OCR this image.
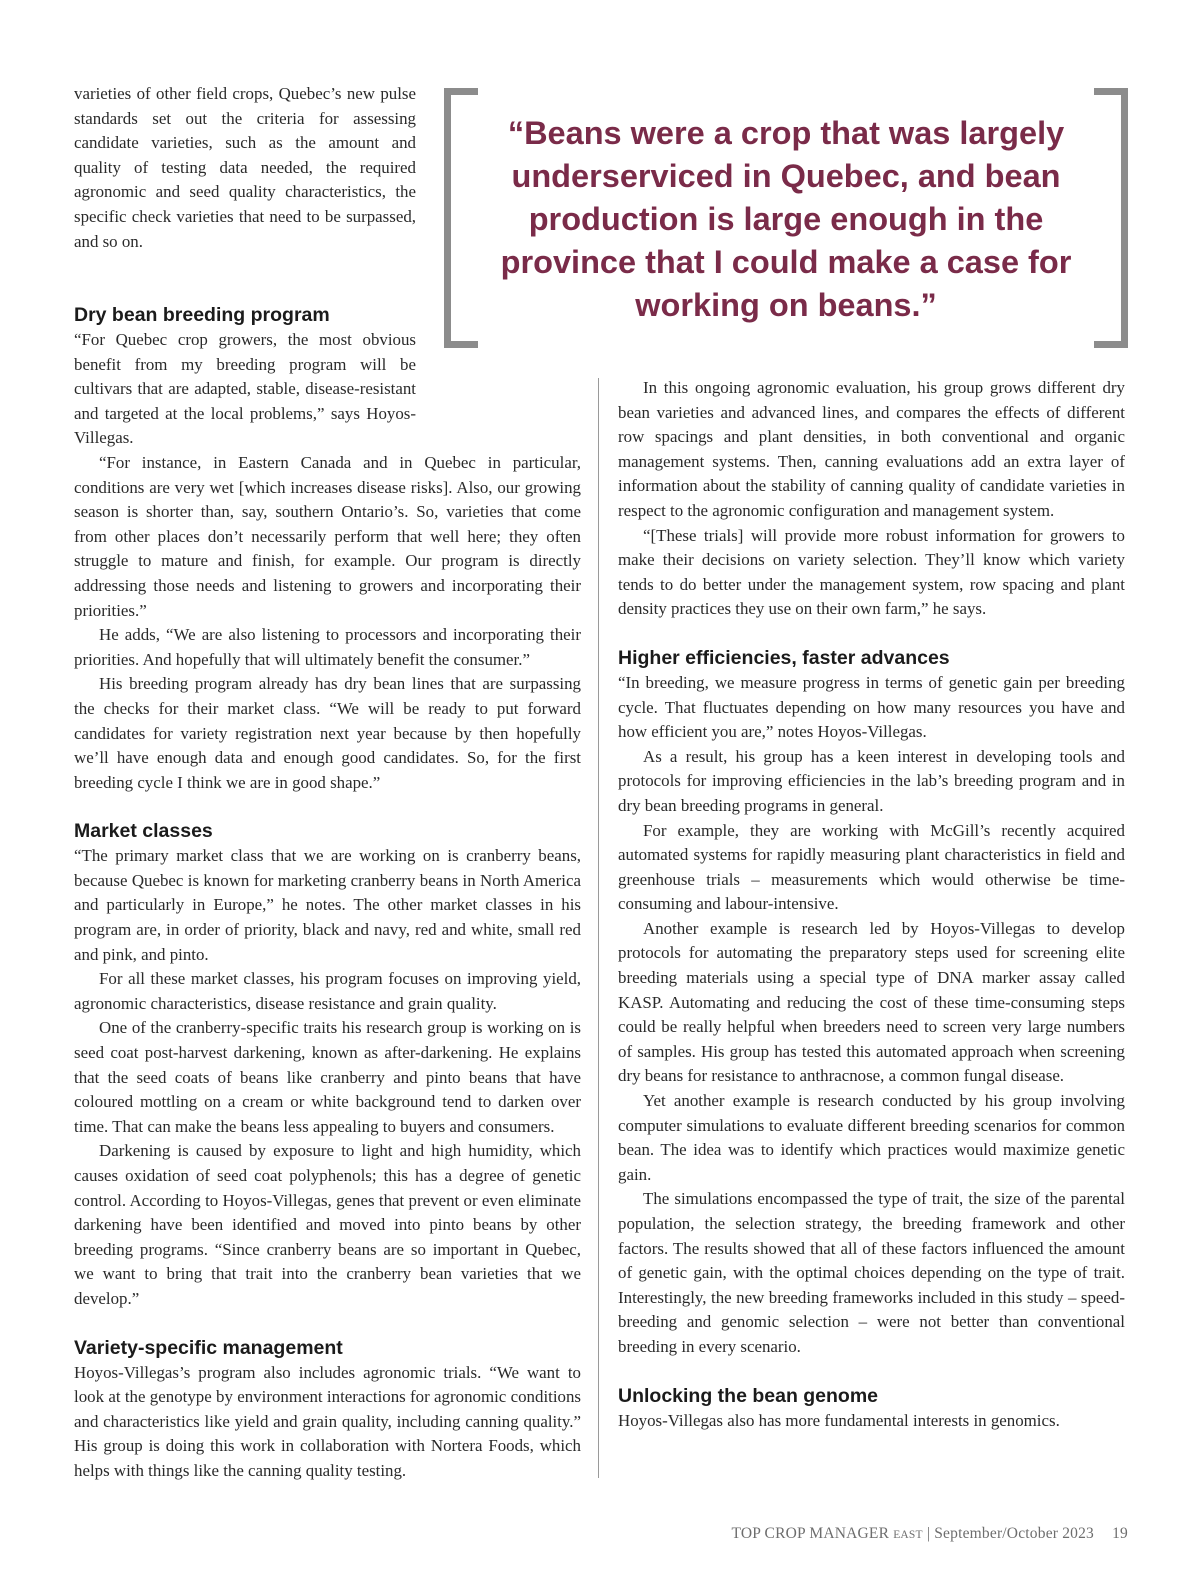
varieties of other field crops, Quebec’s new pulse standards set out the criteria for assessing candidate varieties, such as the amount and quality of testing data needed, the required agronomic and seed quality characteristics, the specific check varieties that need to be surpassed, and so on.

Dry bean breeding program

“For Quebec crop growers, the most obvious benefit from my breeding program will be cultivars that are adapted, stable, disease-resistant and targeted at the local problems,” says Hoyos-Villegas.

“For instance, in Eastern Canada and in Quebec in particular, conditions are very wet [which increases disease risks]. Also, our growing season is shorter than, say, southern Ontario’s. So, varieties that come from other places don’t necessarily perform that well here; they often struggle to mature and finish, for example. Our program is directly addressing those needs and listening to growers and incorporating their priorities.”

He adds, “We are also listening to processors and incorporating their priorities. And hopefully that will ultimately benefit the consumer.”

His breeding program already has dry bean lines that are surpassing the checks for their market class. “We will be ready to put forward candidates for variety registration next year because by then hopefully we’ll have enough data and enough good candidates. So, for the first breeding cycle I think we are in good shape.”

Market classes

“The primary market class that we are working on is cranberry beans, because Quebec is known for marketing cranberry beans in North America and particularly in Europe,” he notes. The other market classes in his program are, in order of priority, black and navy, red and white, small red and pink, and pinto.

For all these market classes, his program focuses on improving yield, agronomic characteristics, disease resistance and grain quality.

One of the cranberry-specific traits his research group is working on is seed coat post-harvest darkening, known as after-darkening. He explains that the seed coats of beans like cranberry and pinto beans that have coloured mottling on a cream or white background tend to darken over time. That can make the beans less appealing to buyers and consumers.

Darkening is caused by exposure to light and high humidity, which causes oxidation of seed coat polyphenols; this has a degree of genetic control. According to Hoyos-Villegas, genes that prevent or even eliminate darkening have been identified and moved into pinto beans by other breeding programs. “Since cranberry beans are so important in Quebec, we want to bring that trait into the cranberry bean varieties that we develop.”

Variety-specific management

Hoyos-Villegas’s program also includes agronomic trials. “We want to look at the genotype by environment interactions for agronomic conditions and characteristics like yield and grain quality, including canning quality.” His group is doing this work in collaboration with Nortera Foods, which helps with things like the canning quality testing.

“Beans were a crop that was largely underserviced in Quebec, and bean production is large enough in the province that I could make a case for working on beans.”

In this ongoing agronomic evaluation, his group grows different dry bean varieties and advanced lines, and compares the effects of different row spacings and plant densities, in both conventional and organic management systems. Then, canning evaluations add an extra layer of information about the stability of canning quality of candidate varieties in respect to the agronomic configuration and management system.

“[These trials] will provide more robust information for growers to make their decisions on variety selection. They’ll know which variety tends to do better under the management system, row spacing and plant density practices they use on their own farm,” he says.

Higher efficiencies, faster advances

“In breeding, we measure progress in terms of genetic gain per breeding cycle. That fluctuates depending on how many resources you have and how efficient you are,” notes Hoyos-Villegas.

As a result, his group has a keen interest in developing tools and protocols for improving efficiencies in the lab’s breeding program and in dry bean breeding programs in general.

For example, they are working with McGill’s recently acquired automated systems for rapidly measuring plant characteristics in field and greenhouse trials – measurements which would otherwise be time-consuming and labour-intensive.

Another example is research led by Hoyos-Villegas to develop protocols for automating the preparatory steps used for screening elite breeding materials using a special type of DNA marker assay called KASP. Automating and reducing the cost of these time-consuming steps could be really helpful when breeders need to screen very large numbers of samples. His group has tested this automated approach when screening dry beans for resistance to anthracnose, a common fungal disease.

Yet another example is research conducted by his group involving computer simulations to evaluate different breeding scenarios for common bean. The idea was to identify which practices would maximize genetic gain.

The simulations encompassed the type of trait, the size of the parental population, the selection strategy, the breeding framework and other factors. The results showed that all of these factors influenced the amount of genetic gain, with the optimal choices depending on the type of trait. Interestingly, the new breeding frameworks included in this study – speed-breeding and genomic selection – were not better than conventional breeding in every scenario.

Unlocking the bean genome

Hoyos-Villegas also has more fundamental interests in genomics.

TOP CROP MANAGER EAST | September/October 2023 19
